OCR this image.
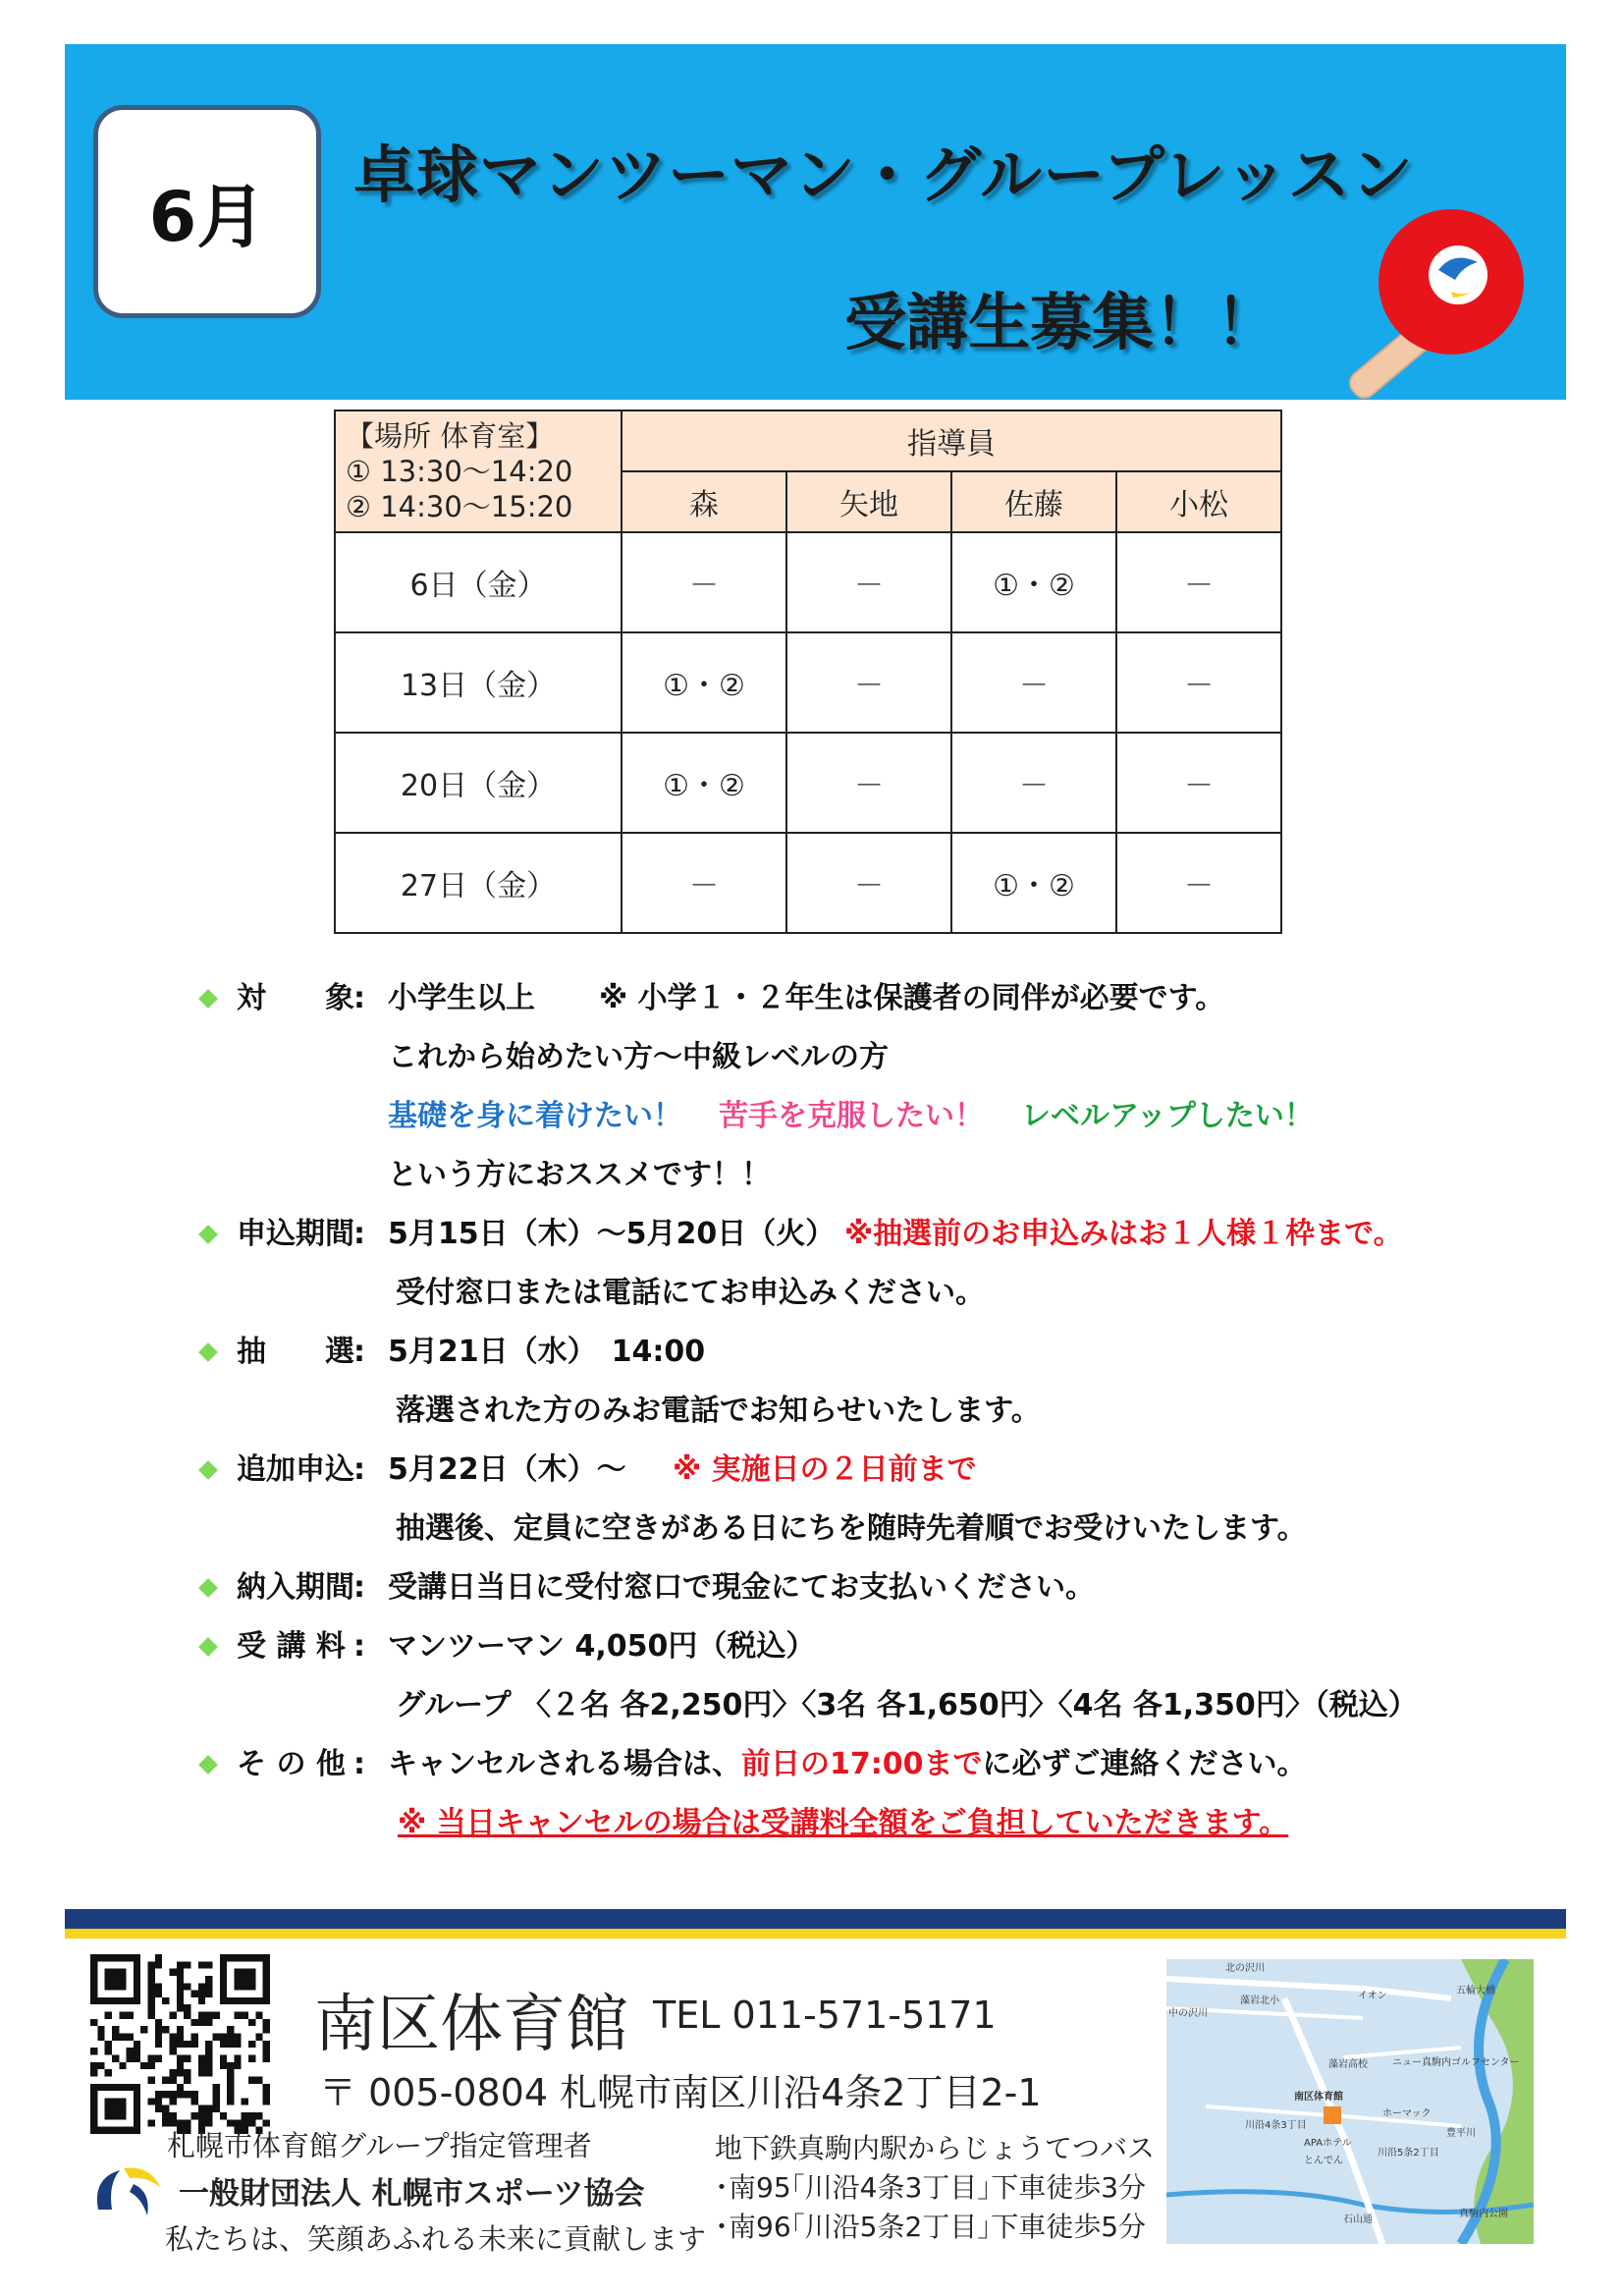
6月
卓球マンツーマン・グループレッスン
受講生募集！！
【場所 体育室】
① 13:30～14:20
② 14:30～15:20	指導員			
	森	矢地	佐藤	小松
6日（金）	－	－	①・②	－
13日（金）	①・②	－	－	－
20日（金）	①・②	－	－	－
27日（金）	－	－	①・②	－
対　　象 : 小学生以上 ※ 小学１・２年生は保護者の同伴が必要です。
これから始めたい方～中級レベルの方
基礎を身に着けたい！ 苦手を克服したい！ レベルアップしたい！
という方におススメです！！
申込期間 : 5月15日（木）～5月20日（火） ※抽選前のお申込みはお１人様１枠まで。
受付窓口または電話にてお申込みください。
抽　　選 : 5月21日（水）　14:00
落選された方のみお電話でお知らせいたします。
追加申込 : 5月22日（木）～ ※ 実施日の２日前まで
抽選後、定員に空きがある日にちを随時先着順でお受けいたします。
納入期間 : 受講日当日に受付窓口で現金にてお支払いください。
受 講 料 : マンツーマン 4,050円（税込）
グループ 〈２名 各2,250円〉〈3名 各1,650円〉〈4名 各1,350円〉（税込）
そ の 他 : キャンセルされる場合は、前日の17:00までに必ずご連絡ください。
※ 当日キャンセルの場合は受講料全額をご負担していただきます。
南区体育館 TEL 011-571-5171
〒 005-0804 札幌市南区川沿4条2丁目2-1
札幌市体育館グループ指定管理者
一般財団法人 札幌市スポーツ協会
私たちは、笑顔あふれる未来に貢献します
地下鉄真駒内駅からじょうてつバス
･南95｢川沿4条3丁目｣下車徒歩3分
･南96｢川沿5条2丁目｣下車徒歩5分
北の沢川
中の沢川
藻岩北小	イオン	五輪大橋
藻岩高校	ニュー真駒内ゴルフセンター
南区体育館
ホーマック
川沿4条3丁目
APAホテル
とんでん
川沿5条2丁目
豊平川
真駒内公園
石山通
